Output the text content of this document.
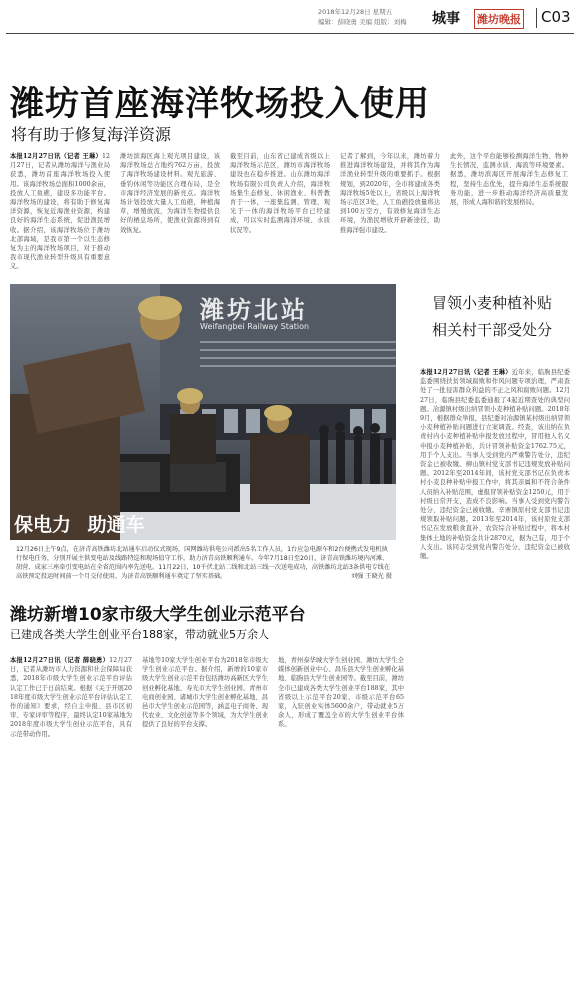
2018年12月28日 星期五
编辑：薛晓勇 美编 组版：刘梅 城事 潍坊晚报 C03
潍坊首座海洋牧场投入使用
将有助于修复海洋资源
本报12月27日讯（记者 王琳）12月27日，记者从潍坊海洋与渔业局获悉，潍坊首座海洋牧场投入使用。该海洋牧场总面积1000余亩，投放人工鱼礁，建设多功能平台。海洋牧场的建设，将有助于修复海洋资源，恢复近海渔业资源，构建良好的海洋生态系统，促进渔民增收。据介绍，该海洋牧场位于潍坊北部海域，是我市第一个以生态修复为主的海洋牧场项目，对于推动我市现代渔业转型升级具有重要意义。
潍坊滨海区海上观光项目建设，该海洋牧场总占地约762万亩，投放了海洋牧场建设材料。观光旅游、垂钓休闲等功能区合理布局，是全市海洋经济发展的新亮点。海洋牧场计划投放大量人工鱼礁，种植海草，增殖放流，为海洋生物提供良好的栖息场所，使渔业资源得到有效恢复。
截至目前，山东省已建成省级以上海洋牧场示范区，潍坊市海洋牧场建设也在稳步推进。山东潍坊海洋牧场有限公司负责人介绍，海洋牧场集生态修复、休闲渔业、科普教育于一体，一座集监测、管理、观光于一体的海洋牧场平台已经建成，可以实时监测海洋环境、水质状况等。
记者了解到，今年以来，潍坊着力推进海洋牧场建设，并将其作为海洋渔业转型升级的重要抓手。根据规划，到2020年，全市将建成各类海洋牧场5处以上，省级以上海洋牧场示范区3处，人工鱼礁投放量将达到100万空方，有效修复海洋生态环境，为渔民增收开辟新途径，助推海洋强市建设。
此外，这个平台能够检测海洋生物、物种生长情况，监测水质、海流等环境要素。据悉，潍坊滨海区开展海洋生态修复工程，坚持生态优先，提升海洋生态系统服务功能，进一步推动海洋经济高质量发展，形成人海和谐的发展格局。
潍坊北站
Weifangbei Railway Station
保电力 助通车
12月26日上午9点，在济青高铁潍坊北站通车启动仪式现场，国网潍坊供电公司派出5名工作人员，1台应急电源车和2台便携式发电机执行保电任务，分别开展主供变电站及线路特巡和现场值守工作，助力济青高铁顺利通车。今年7月18日至20日，济青高铁潍坊境内河滩、胡营、成家三座牵引变电站在全省范围内率先送电。11月22日，10千伏北站二线和北站三线一次送电成功，高铁潍坊北站3条供电专线在高铁预定投运时间前一个月交付使用，为济青高铁顺利通车奠定了坚实基础。	刘强 王晓光 摄
冒领小麦种植补贴
相关村干部受处分
本报12月27日讯（记者 王琳）近年来，临朐县纪委监委围绕扶贫领域腐败和作风问题专项治理，严肃查处了一批侵害群众利益的不正之风和腐败问题。12月27日，临朐县纪委监委通报了4起近期查处的典型问题。冶源镇村级出纳冒领小麦种植补贴问题。2018年9月，根据群众举报，县纪委对冶源镇某村级出纳冒领小麦种植补贴问题进行立案调查。经查，该出纳在负责村内小麦种植补贴申报发放过程中，冒用他人名义申报小麦种植补贴，共计冒领补贴资金1762.75元，用于个人支出。当事人受到党内严重警告处分，违纪资金已被收缴。柳山镇村党支部书记违规发放补贴问题。2012年至2014年间，该村党支部书记在负责本村小麦良种补贴申报工作中，将其亲属和不符合条件人员纳入补贴范围，虚报冒领补贴资金1250元，用于村级日常开支，造成不良影响。当事人受到党内警告处分，违纪资金已被收缴。辛寨镇原村党支部书记违规领取补贴问题。2013年至2014年，该村原党支部书记在发放粮食直补、农资综合补贴过程中，将本村集体土地的补贴资金共计2870元，据为己有，用于个人支出。该同志受到党内警告处分，违纪资金已被收缴。
潍坊新增10家市级大学生创业示范平台
已建成各类大学生创业平台188家，带动就业5万余人
本报12月27日讯（记者 薛晓勇）12月27日，记者从潍坊市人力资源和社会保障局获悉，2018年市级大学生创业示范平台评估认定工作已于日前结束。根据《关于开展2018年度市级大学生创业示范平台评估认定工作的通知》要求，经自主申报、县市区初审、专家评审等程序，最终认定10家基地为2018年度市级大学生创业示范平台，具有示范带动作用。
基地等10家大学生创业平台为2018年市级大学生创业示范平台。据介绍，新增的10家市级大学生创业示范平台包括潍坊高新区大学生创业孵化基地、寿光市大学生创业园、青州市电商创业园、诸城市大学生创业孵化基地、昌邑市大学生创业示范园等，涵盖电子商务、现代农业、文化创意等多个领域，为大学生创业提供了良好的平台支撑。
地，青州泰华城大学生创业园、潍坊大学生全媒体创新创业中心、昌乐县大学生创业孵化基地、临朐县大学生创业园等。截至目前，潍坊全市已建成各类大学生创业平台188家，其中省级以上示范平台20家，市级示范平台65家，入驻创业实体5600余户，带动就业5万余人，形成了覆盖全市的大学生创业平台体系。
